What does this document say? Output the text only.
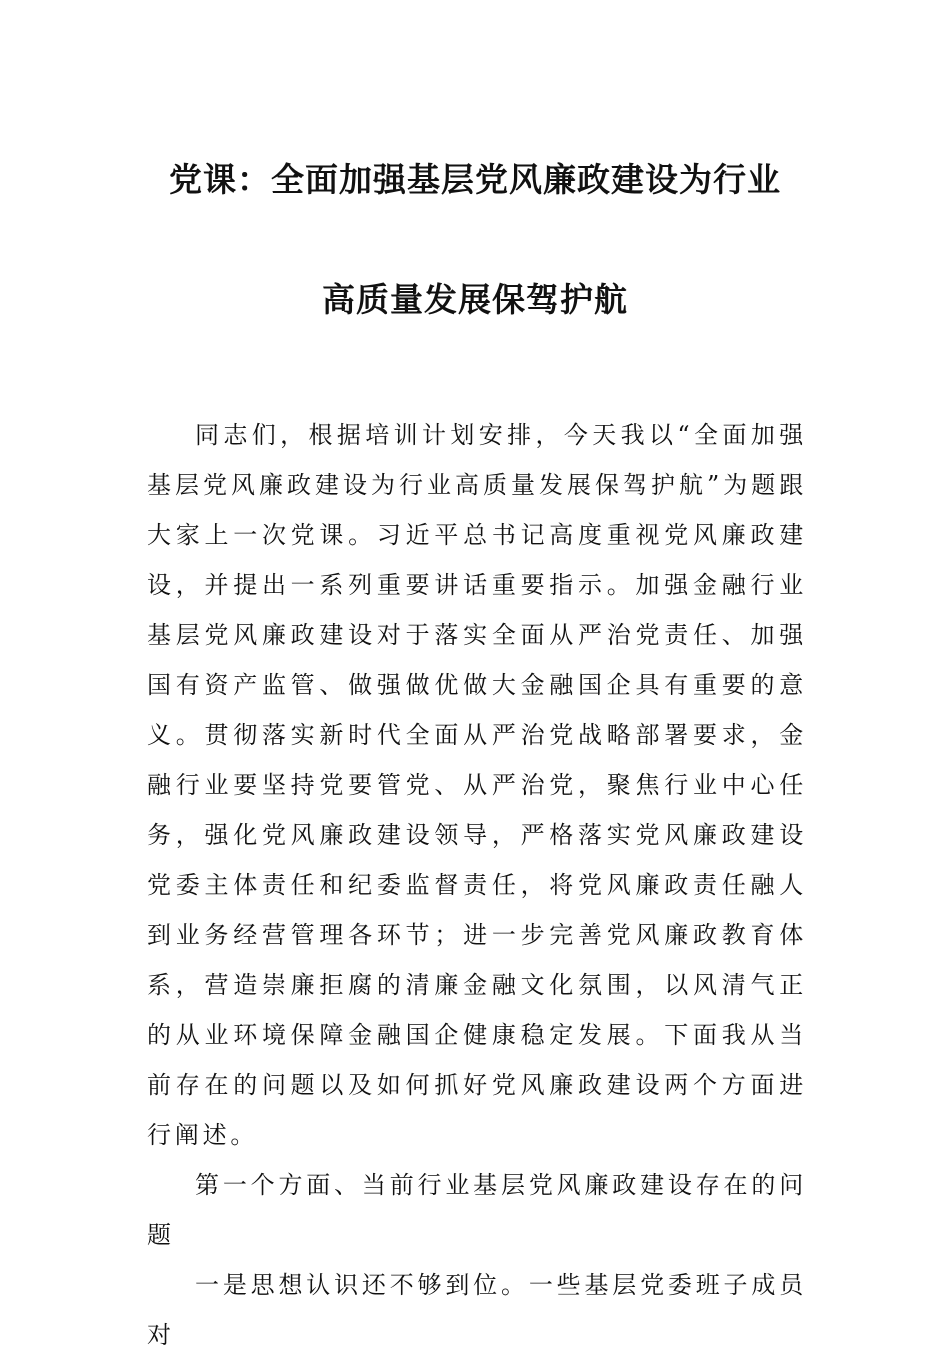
党课：全面加强基层党风廉政建设为行业
高质量发展保驾护航

同志们，根据培训计划安排，今天我以“全面加强基层党风廉政建设为行业高质量发展保驾护航”为题跟大家上一次党课。习近平总书记高度重视党风廉政建设，并提出一系列重要讲话重要指示。加强金融行业基层党风廉政建设对于落实全面从严治党责任、加强国有资产监管、做强做优做大金融国企具有重要的意义。贯彻落实新时代全面从严治党战略部署要求，金融行业要坚持党要管党、从严治党，聚焦行业中心任务，强化党风廉政建设领导，严格落实党风廉政建设党委主体责任和纪委监督责任，将党风廉政责任融人到业务经营管理各环节；进一步完善党风廉政教育体系，营造崇廉拒腐的清廉金融文化氛围，以风清气正的从业环境保障金融国企健康稳定发展。下面我从当前存在的问题以及如何抓好党风廉政建设两个方面进行阐述。

第一个方面、当前行业基层党风廉政建设存在的问题

一是思想认识还不够到位。一些基层党委班子成员对
